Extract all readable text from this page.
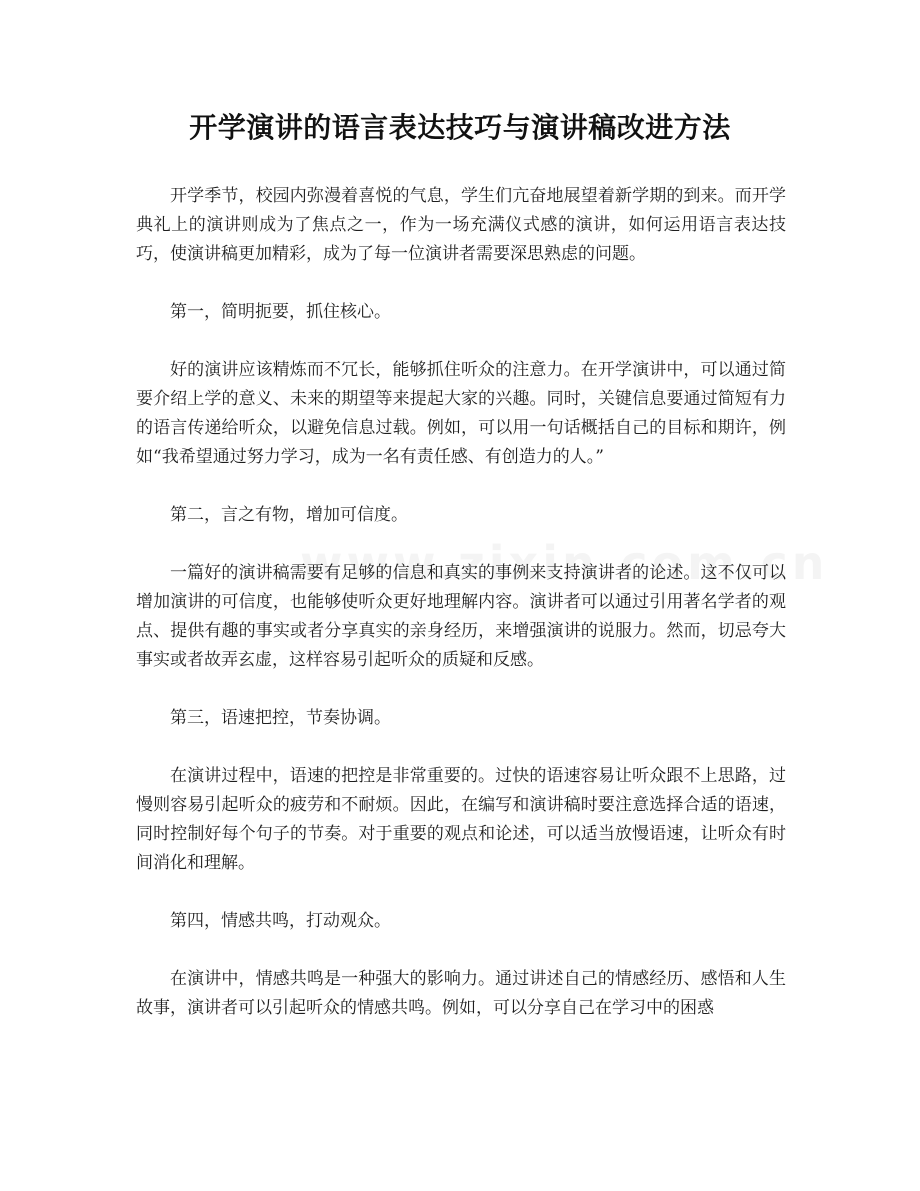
开学演讲的语言表达技巧与演讲稿改进方法

开学季节，校园内弥漫着喜悦的气息，学生们亢奋地展望着新学期的到来。而开学典礼上的演讲则成为了焦点之一，作为一场充满仪式感的演讲，如何运用语言表达技巧，使演讲稿更加精彩，成为了每一位演讲者需要深思熟虑的问题。

第一，简明扼要，抓住核心。

好的演讲应该精炼而不冗长，能够抓住听众的注意力。在开学演讲中，可以通过简要介绍上学的意义、未来的期望等来提起大家的兴趣。同时，关键信息要通过简短有力的语言传递给听众，以避免信息过载。例如，可以用一句话概括自己的目标和期许，例如“我希望通过努力学习，成为一名有责任感、有创造力的人。”

第二，言之有物，增加可信度。

一篇好的演讲稿需要有足够的信息和真实的事例来支持演讲者的论述。这不仅可以增加演讲的可信度，也能够使听众更好地理解内容。演讲者可以通过引用著名学者的观点、提供有趣的事实或者分享真实的亲身经历，来增强演讲的说服力。然而，切忌夸大事实或者故弄玄虚，这样容易引起听众的质疑和反感。

第三，语速把控，节奏协调。

在演讲过程中，语速的把控是非常重要的。过快的语速容易让听众跟不上思路，过慢则容易引起听众的疲劳和不耐烦。因此，在编写和演讲稿时要注意选择合适的语速，同时控制好每个句子的节奏。对于重要的观点和论述，可以适当放慢语速，让听众有时间消化和理解。

第四，情感共鸣，打动观众。

在演讲中，情感共鸣是一种强大的影响力。通过讲述自己的情感经历、感悟和人生故事，演讲者可以引起听众的情感共鸣。例如，可以分享自己在学习中的困惑
